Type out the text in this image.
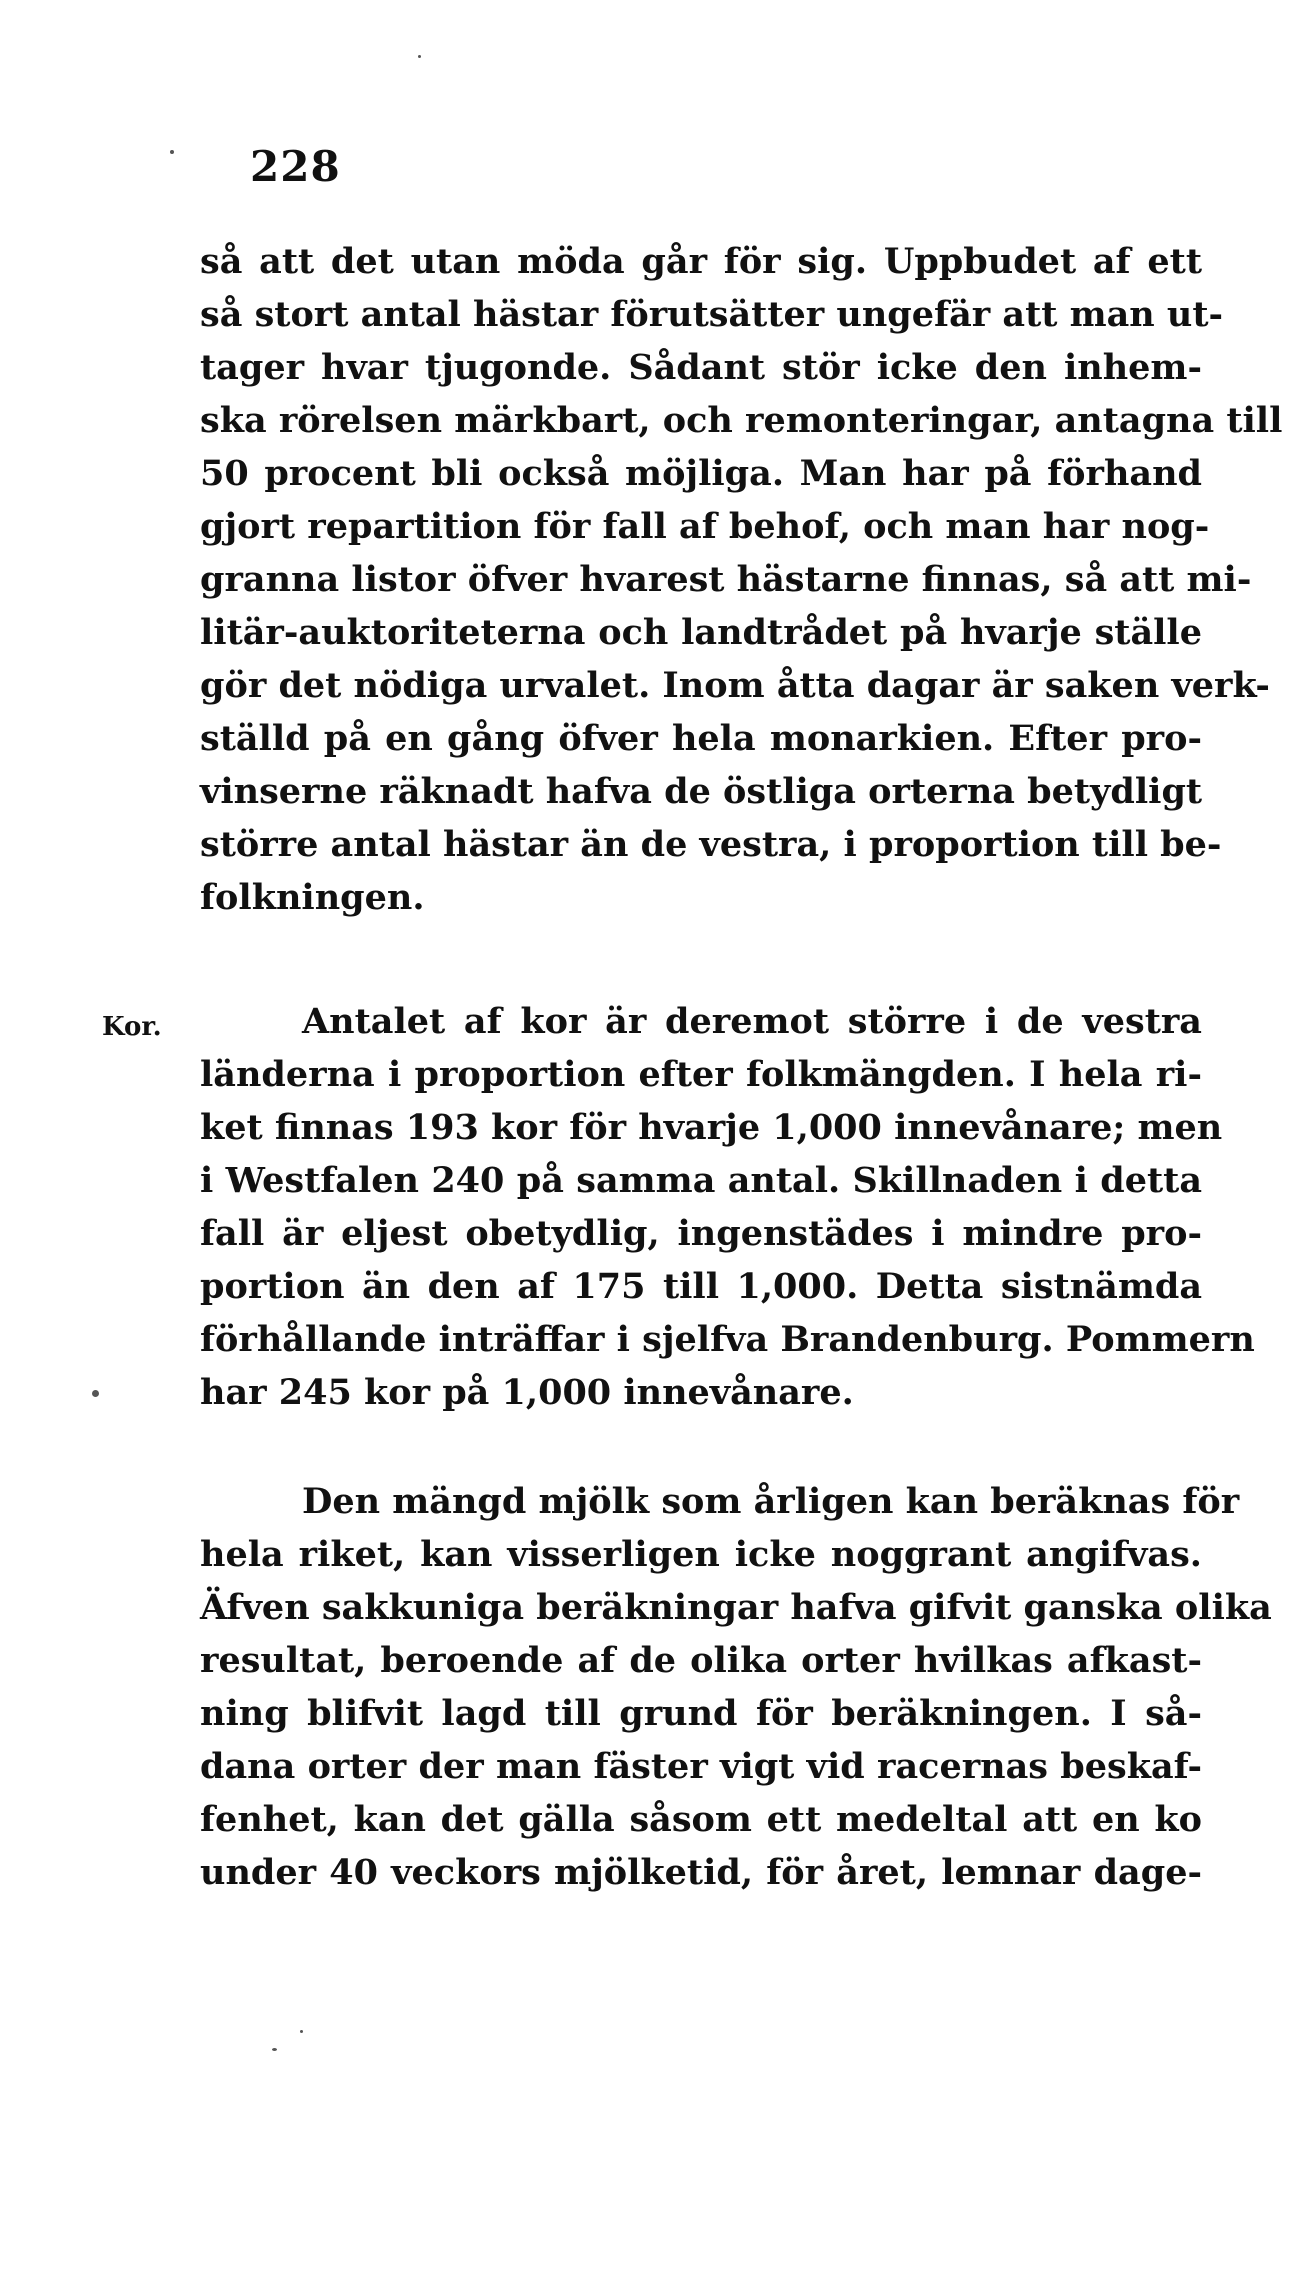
228
så att det utan möda går för sig. Uppbudet af ett
så stort antal hästar förutsätter ungefär att man ut-
tager hvar tjugonde. Sådant stör icke den inhem-
ska rörelsen märkbart, och remonteringar, antagna till
50 procent bli också möjliga. Man har på förhand
gjort repartition för fall af behof, och man har nog-
granna listor öfver hvarest hästarne finnas, så att mi-
litär-auktoriteterna och landtrådet på hvarje ställe
gör det nödiga urvalet. Inom åtta dagar är saken verk-
ställd på en gång öfver hela monarkien. Efter pro-
vinserne räknadt hafva de östliga orterna betydligt
större antal hästar än de vestra, i proportion till be-
folkningen.
Kor.	Antalet af kor är deremot större i de vestra
länderna i proportion efter folkmängden. I hela ri-
ket finnas 193 kor för hvarje 1,000 innevånare; men
i Westfalen 240 på samma antal. Skillnaden i detta
fall är eljest obetydlig, ingenstädes i mindre pro-
portion än den af 175 till 1,000. Detta sistnämda
förhållande inträffar i sjelfva Brandenburg. Pommern
har 245 kor på 1,000 innevånare.
Den mängd mjölk som årligen kan beräknas för
hela riket, kan visserligen icke noggrant angifvas.
Äfven sakkuniga beräkningar hafva gifvit ganska olika
resultat, beroende af de olika orter hvilkas afkast-
ning blifvit lagd till grund för beräkningen. I så-
dana orter der man fäster vigt vid racernas beskaf-
fenhet, kan det gälla såsom ett medeltal att en ko
under 40 veckors mjölketid, för året, lemnar dage-
